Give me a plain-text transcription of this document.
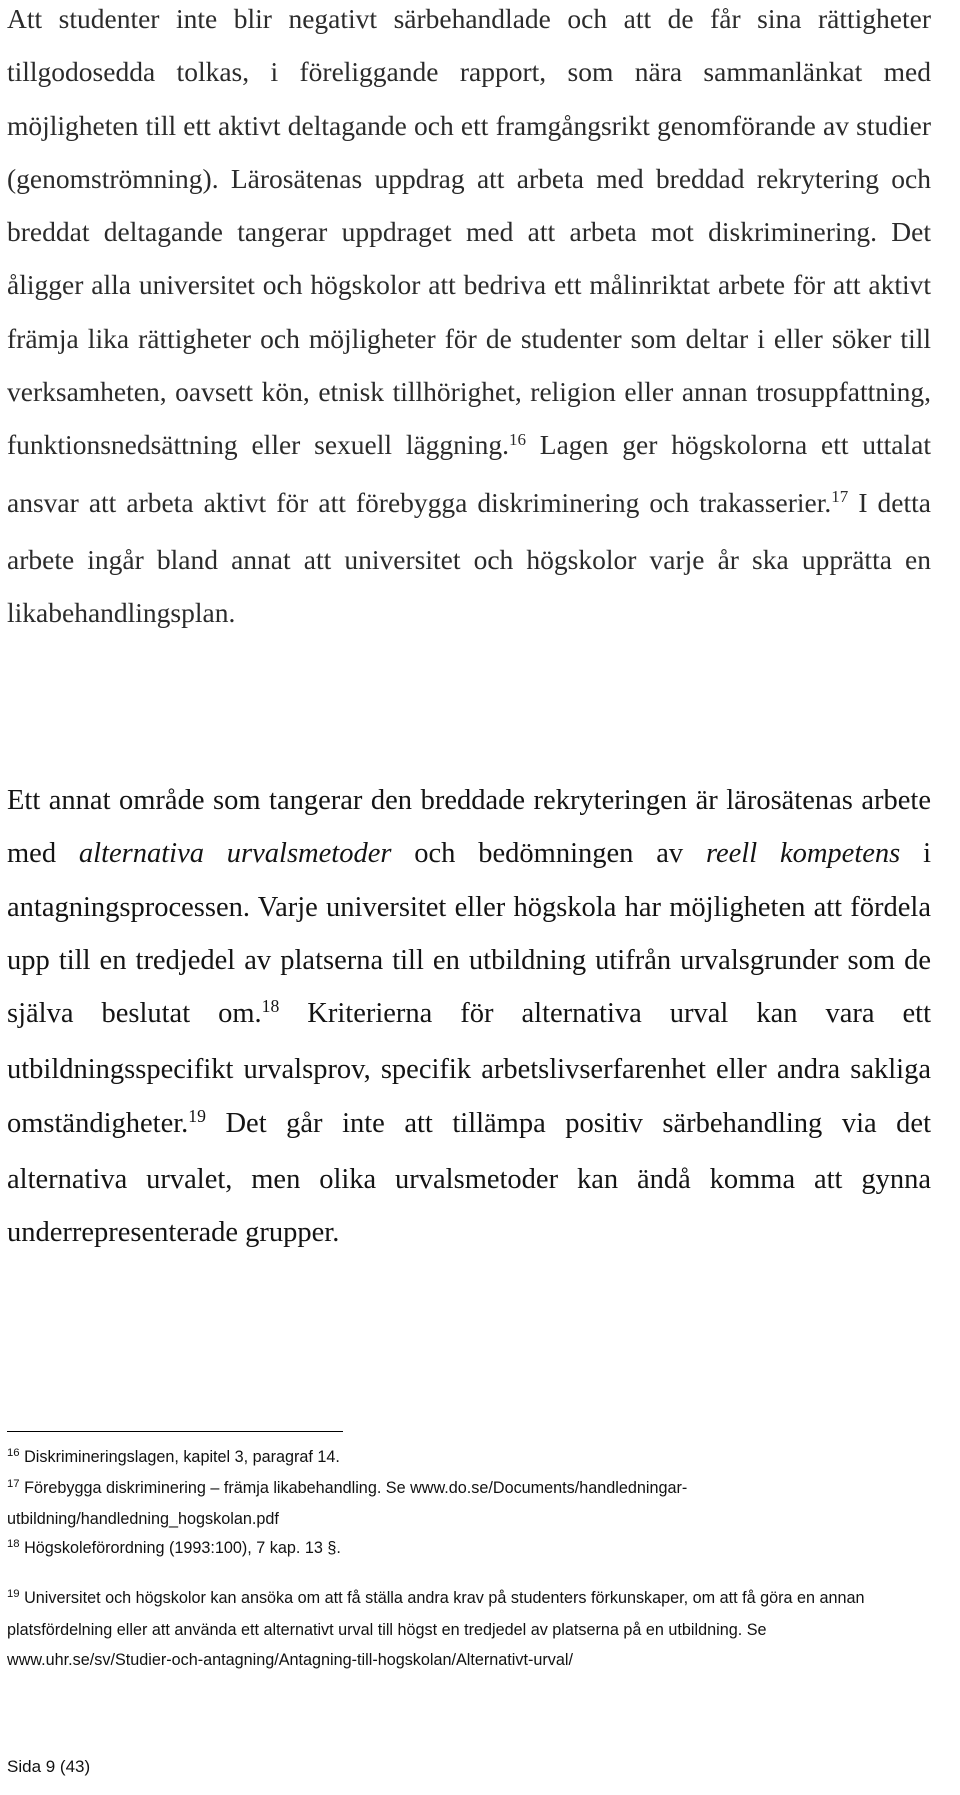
Att studenter inte blir negativt särbehandlade och att de får sina rättigheter tillgodosedda tolkas, i föreliggande rapport, som nära sammanlänkat med möjligheten till ett aktivt deltagande och ett framgångsrikt genomförande av studier (genomströmning). Lärosätenas uppdrag att arbeta med breddad rekrytering och breddat deltagande tangerar uppdraget med att arbeta mot diskriminering. Det åligger alla universitet och högskolor att bedriva ett målinriktat arbete för att aktivt främja lika rättigheter och möjligheter för de studenter som deltar i eller söker till verksamheten, oavsett kön, etnisk tillhörighet, religion eller annan trosuppfattning, funktionsnedsättning eller sexuell läggning.$^{16}$ Lagen ger högskolorna ett uttalat ansvar att arbeta aktivt för att förebygga diskriminering och trakasserier.$^{17}$ I detta arbete ingår bland annat att universitet och högskolor varje år ska upprätta en likabehandlingsplan.

Ett annat område som tangerar den breddade rekryteringen är lärosätenas arbete med alternativa urvalsmetoder och bedömningen av reell kompetens i antagningsprocessen. Varje universitet eller högskola har möjligheten att fördela upp till en tredjedel av platserna till en utbildning utifrån urvalsgrunder som de själva beslutat om.$^{18}$ Kriterierna för alternativa urval kan vara ett utbildningsspecifikt urvalsprov, specifik arbetslivserfarenhet eller andra sakliga omständigheter.$^{19}$ Det går inte att tillämpa positiv särbehandling via det alternativa urvalet, men olika urvalsmetoder kan ändå komma att gynna underrepresenterade grupper.

$^{16}$ Diskrimineringslagen, kapitel 3, paragraf 14.

$^{17}$ Förebygga diskriminering – främja likabehandling. Se www.do.se/Documents/handledningar-utbildning/handledning_hogskolan.pdf

$^{18}$ Högskoleförordning (1993:100), 7 kap. 13 §.

$^{19}$ Universitet och högskolor kan ansöka om att få ställa andra krav på studenters förkunskaper, om att få göra en annan platsfördelning eller att använda ett alternativt urval till högst en tredjedel av platserna på en utbildning. Se www.uhr.se/sv/Studier-och-antagning/Antagning-till-hogskolan/Alternativt-urval/

Sida 9 (43)
